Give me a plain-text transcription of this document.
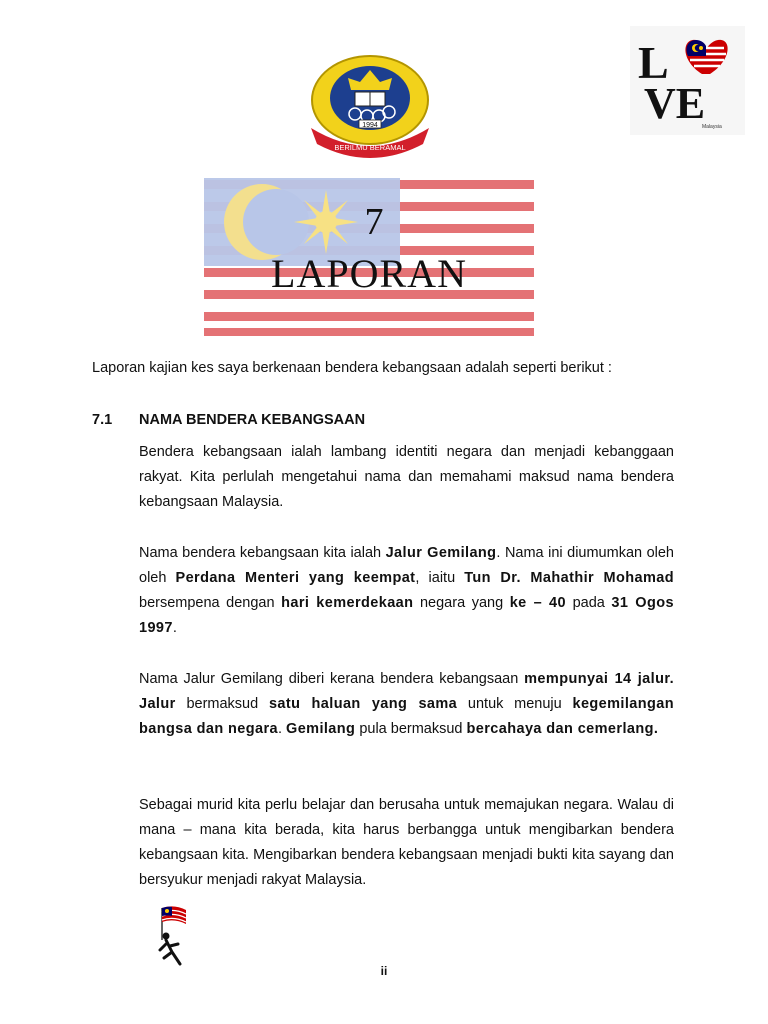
1994
BERILMU BERAMAL
L
VE
Malaysia
7
LAPORAN
Laporan kajian kes saya berkenaan bendera kebangsaan adalah seperti berikut :
7.1 NAMA BENDERA KEBANGSAAN
Bendera kebangsaan ialah lambang identiti negara dan menjadi kebanggaan rakyat. Kita perlulah mengetahui nama dan memahami maksud nama bendera kebangsaan Malaysia.
Nama bendera kebangsaan kita ialah Jalur Gemilang. Nama ini diumumkan oleh oleh Perdana Menteri yang keempat, iaitu Tun Dr. Mahathir Mohamad bersempena dengan hari kemerdekaan negara yang ke – 40 pada 31 Ogos 1997.
Nama Jalur Gemilang diberi kerana bendera kebangsaan mempunyai 14 jalur. Jalur bermaksud satu haluan yang sama untuk menuju kegemilangan bangsa dan negara. Gemilang pula bermaksud bercahaya dan cemerlang.
Sebagai murid kita perlu belajar dan berusaha untuk memajukan negara. Walau di mana – mana kita berada, kita harus berbangga untuk mengibarkan bendera kebangsaan kita. Mengibarkan bendera kebangsaan menjadi bukti kita sayang dan bersyukur menjadi rakyat Malaysia.
ii
